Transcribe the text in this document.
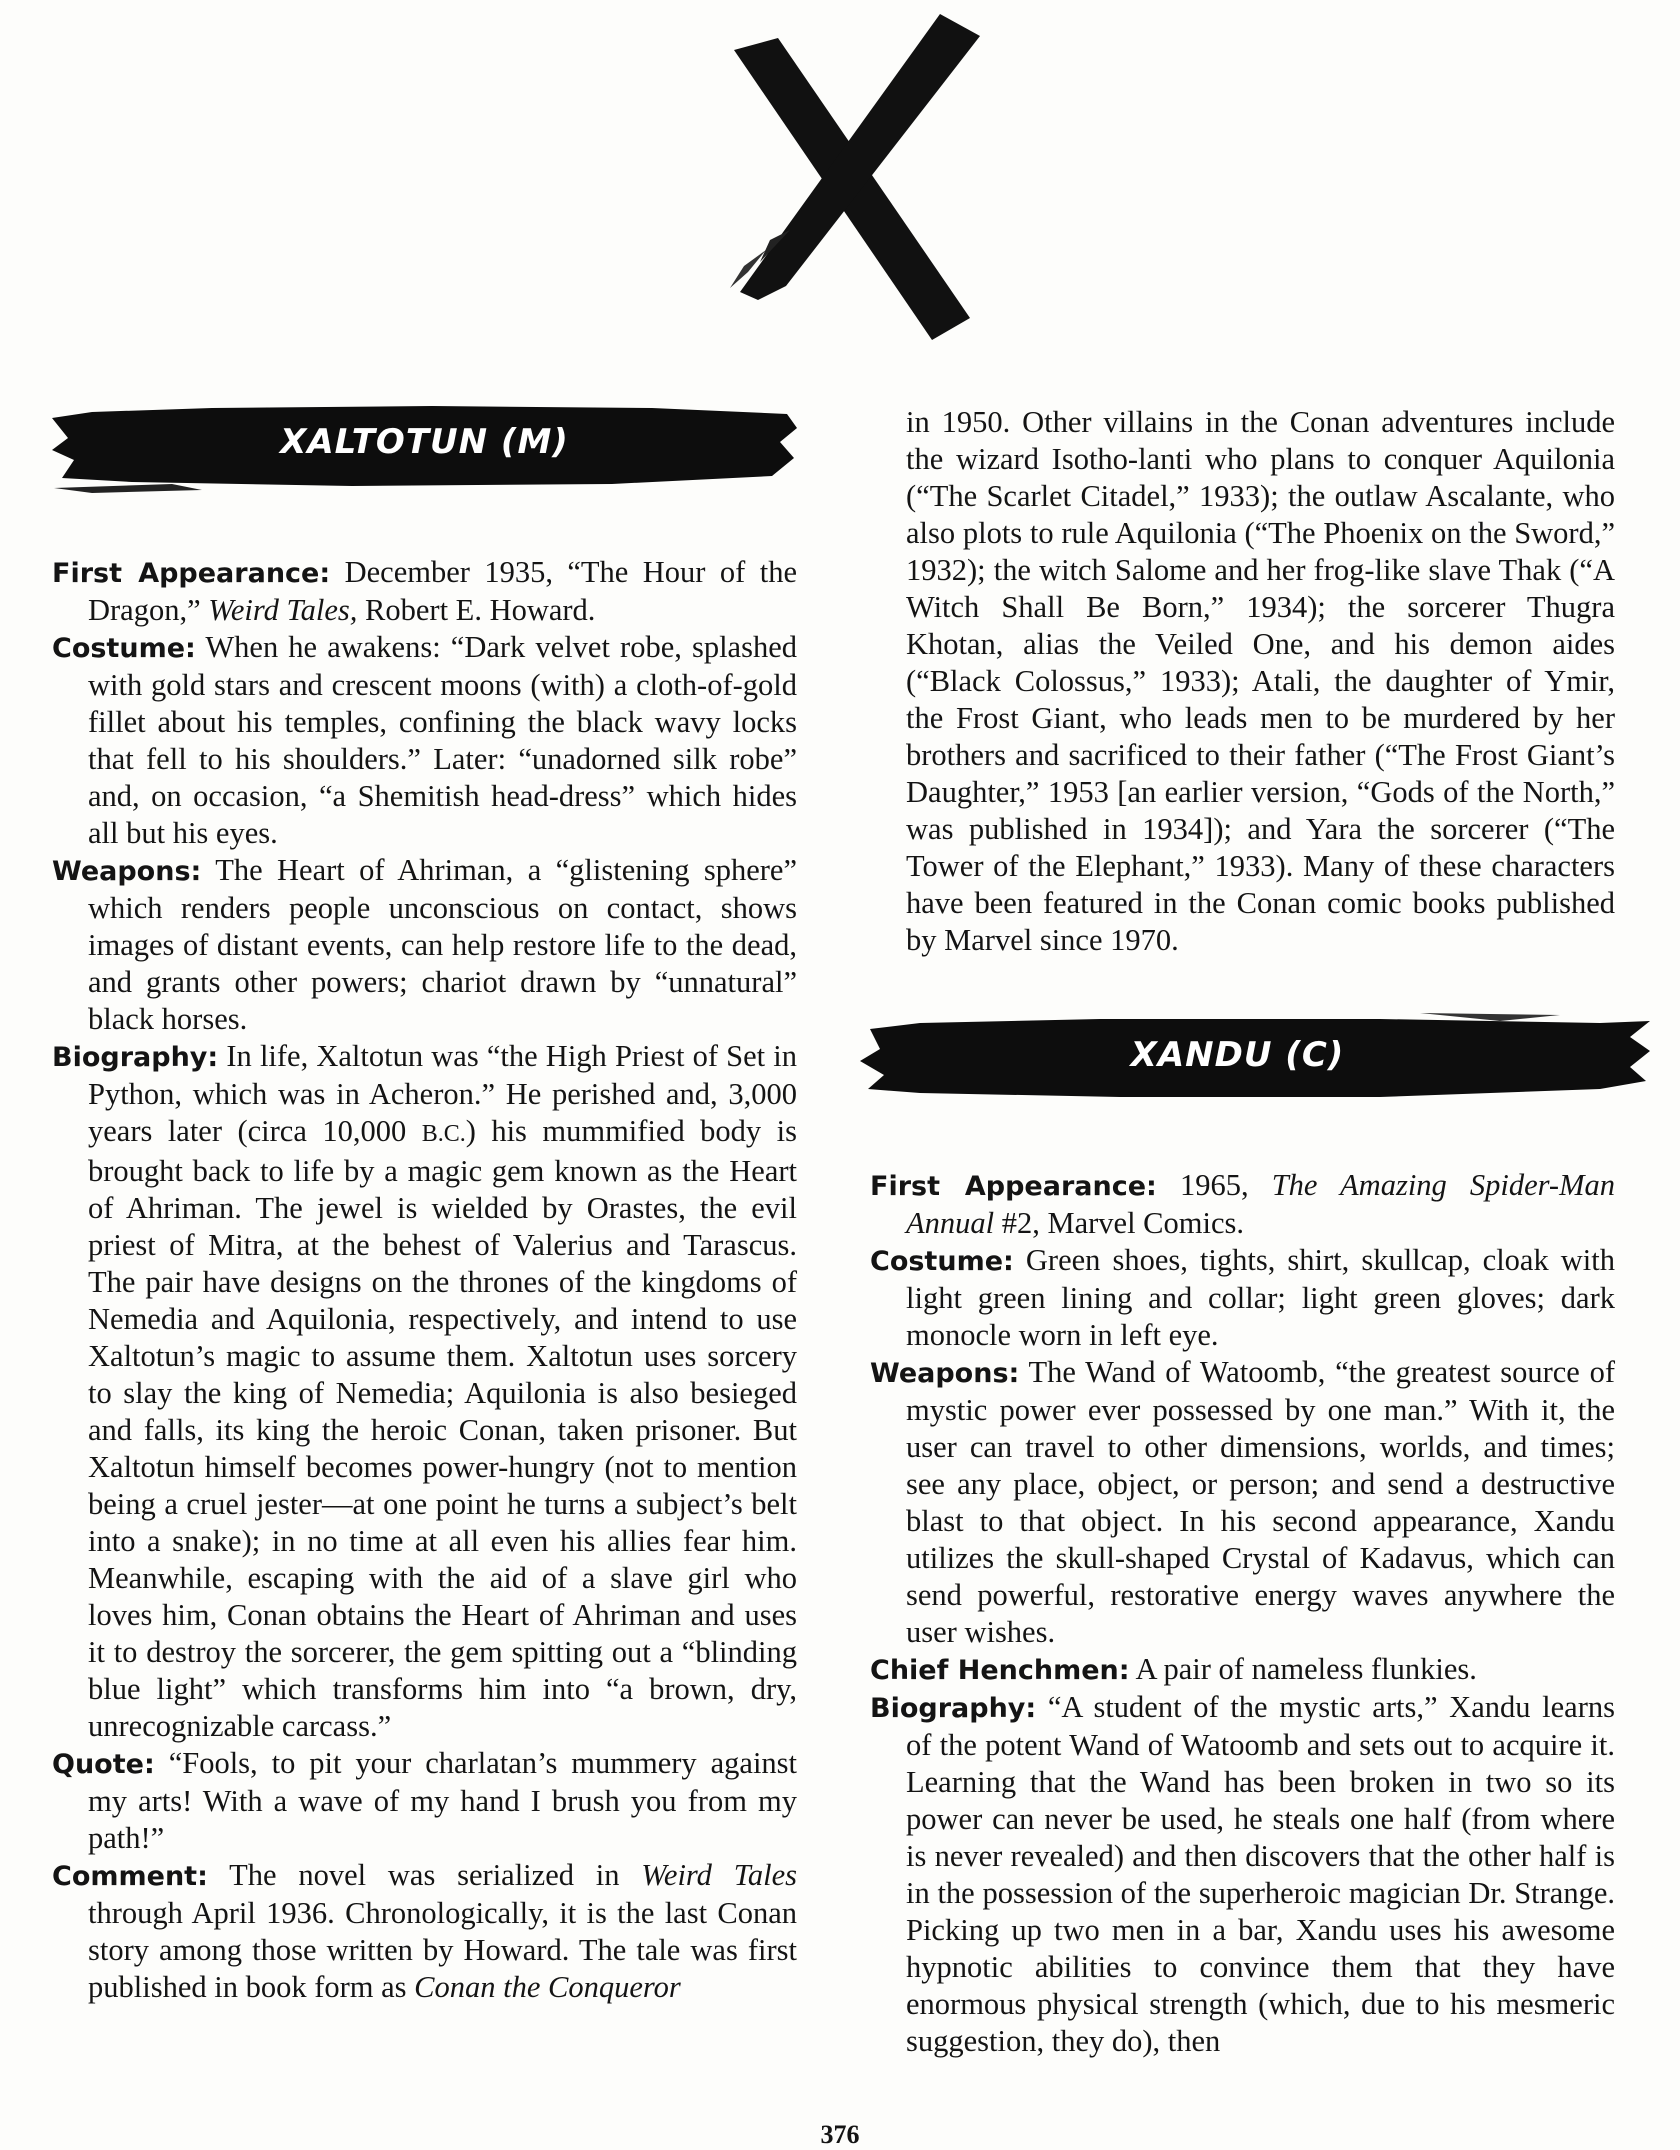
XALTOTUN (M)

First Appearance: December 1935, “The Hour of the Dragon,” Weird Tales, Robert E. Howard.

Costume: When he awakens: “Dark velvet robe, splashed with gold stars and crescent moons (with) a cloth-of-gold fillet about his temples, confining the black wavy locks that fell to his shoulders.” Later: “unadorned silk robe” and, on occasion, “a Shemitish head-dress” which hides all but his eyes.

Weapons: The Heart of Ahriman, a “glistening sphere” which renders people unconscious on contact, shows images of distant events, can help restore life to the dead, and grants other powers; chariot drawn by “unnatural” black horses.

Biography: In life, Xaltotun was “the High Priest of Set in Python, which was in Acheron.” He perished and, 3,000 years later (circa 10,000 B.C.) his mummified body is brought back to life by a magic gem known as the Heart of Ahriman. The jewel is wielded by Orastes, the evil priest of Mitra, at the behest of Valerius and Tarascus. The pair have designs on the thrones of the kingdoms of Nemedia and Aquilonia, respectively, and intend to use Xaltotun’s magic to assume them. Xaltotun uses sorcery to slay the king of Nemedia; Aquilonia is also besieged and falls, its king the heroic Conan, taken prisoner. But Xaltotun himself becomes power-hungry (not to mention being a cruel jester—at one point he turns a subject’s belt into a snake); in no time at all even his allies fear him. Meanwhile, escaping with the aid of a slave girl who loves him, Conan obtains the Heart of Ahriman and uses it to destroy the sorcerer, the gem spitting out a “blinding blue light” which transforms him into “a brown, dry, unrecognizable carcass.”

Quote: “Fools, to pit your charlatan’s mummery against my arts! With a wave of my hand I brush you from my path!”

Comment: The novel was serialized in Weird Tales through April 1936. Chronologically, it is the last Conan story among those written by Howard. The tale was first published in book form as Conan the Conqueror

in 1950. Other villains in the Conan adventures include the wizard Isotho-lanti who plans to conquer Aquilonia (“The Scarlet Citadel,” 1933); the outlaw Ascalante, who also plots to rule Aquilonia (“The Phoenix on the Sword,” 1932); the witch Salome and her frog-like slave Thak (“A Witch Shall Be Born,” 1934); the sorcerer Thugra Khotan, alias the Veiled One, and his demon aides (“Black Colossus,” 1933); Atali, the daughter of Ymir, the Frost Giant, who leads men to be murdered by her brothers and sacrificed to their father (“The Frost Giant’s Daughter,” 1953 [an earlier version, “Gods of the North,” was published in 1934]); and Yara the sorcerer (“The Tower of the Elephant,” 1933). Many of these characters have been featured in the Conan comic books published by Marvel since 1970.

XANDU (C)

First Appearance: 1965, The Amazing Spider-Man Annual #2, Marvel Comics.

Costume: Green shoes, tights, shirt, skullcap, cloak with light green lining and collar; light green gloves; dark monocle worn in left eye.

Weapons: The Wand of Watoomb, “the greatest source of mystic power ever possessed by one man.” With it, the user can travel to other dimensions, worlds, and times; see any place, object, or person; and send a destructive blast to that object. In his second appearance, Xandu utilizes the skull-shaped Crystal of Kadavus, which can send powerful, restorative energy waves anywhere the user wishes.

Chief Henchmen: A pair of nameless flunkies.

Biography: “A student of the mystic arts,” Xandu learns of the potent Wand of Watoomb and sets out to acquire it. Learning that the Wand has been broken in two so its power can never be used, he steals one half (from where is never revealed) and then discovers that the other half is in the possession of the superheroic magician Dr. Strange. Picking up two men in a bar, Xandu uses his awesome hypnotic abilities to convince them that they have enormous physical strength (which, due to his mesmeric suggestion, they do), then

376
